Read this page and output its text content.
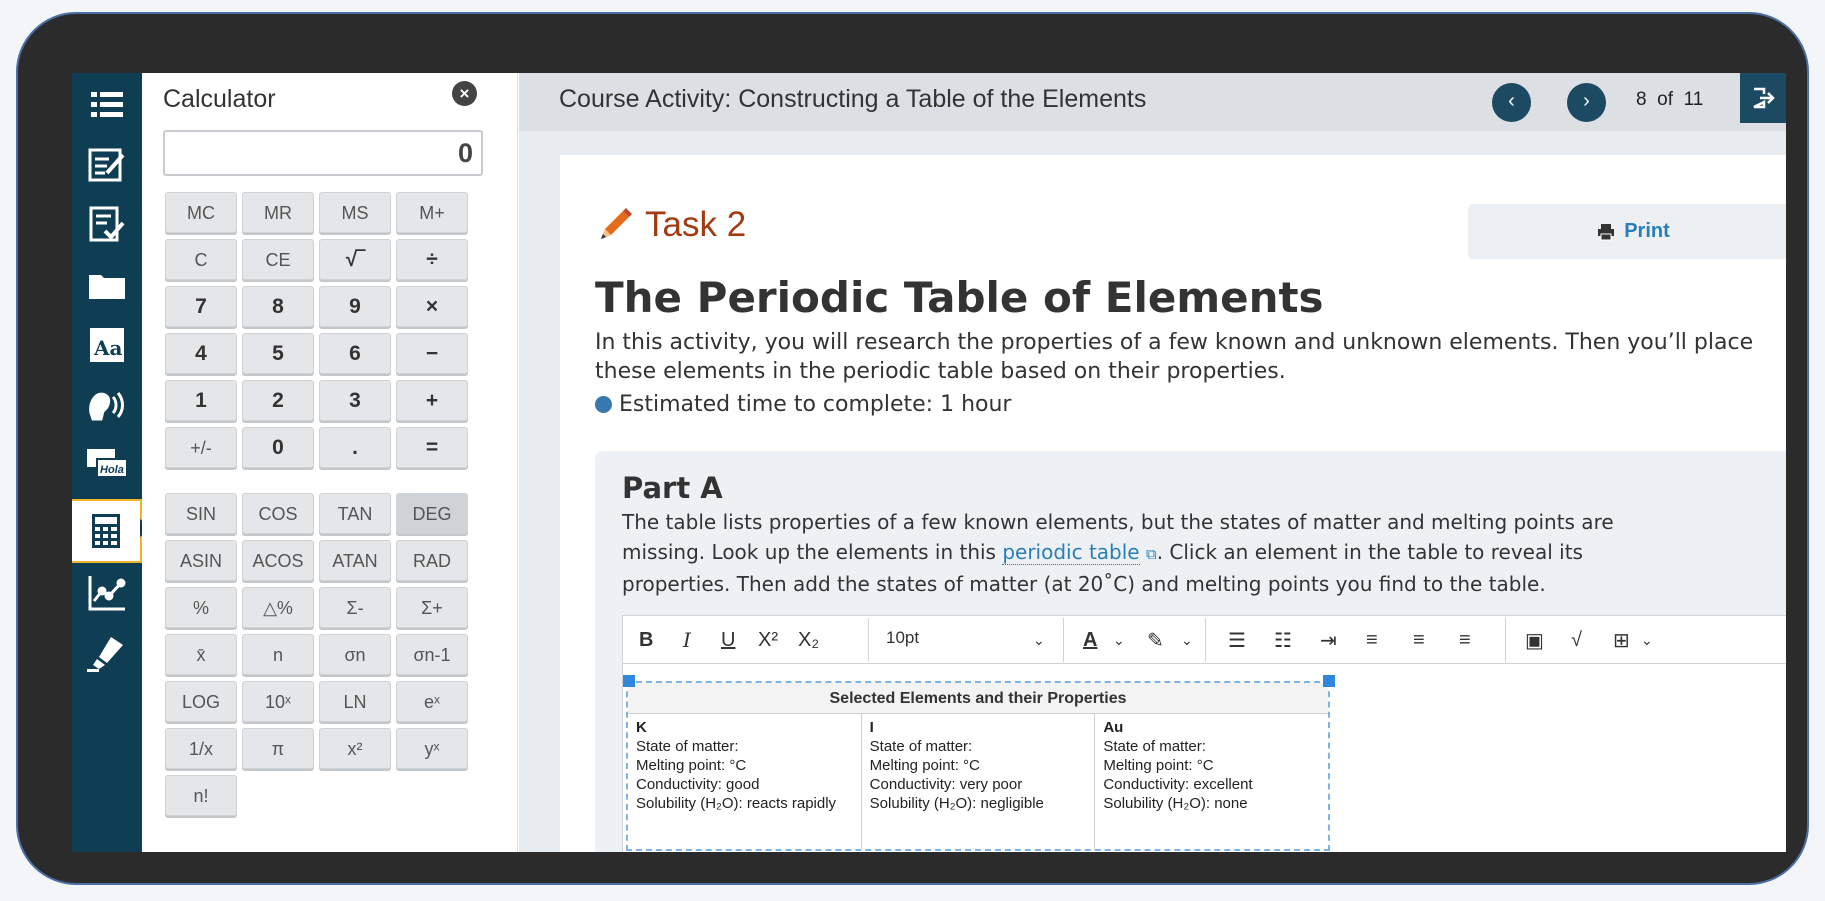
Aa
Hola
Calculator	×
0
MC	MR	MS	M+
C	CE	√‾	÷
7	8	9	×
4	5	6	−
1	2	3	+
+/-	0	.	=
SIN	COS	TAN	DEG
ASIN	ACOS	ATAN	RAD
%	△%	Σ-	Σ+
x̄	n	σn	σn-1
LOG	10ˣ	LN	eˣ
1/x	π	x²	yˣ
n!
Course Activity: Constructing a Table of the Elements	‹	›	8 of 11
Task 2	Print
The Periodic Table of Elements
In this activity, you will research the properties of a few known and unknown elements. Then you’ll place
these elements in the periodic table based on their properties.
Estimated time to complete: 1 hour
Part A
The table lists properties of a few known elements, but the states of matter and melting points are
missing. Look up the elements in this periodic table ⧉. Click an element in the table to reveal its
properties. Then add the states of matter (at 20˚C) and melting points you find to the table.
B I U X² X₂	10pt	⌄ A ⌄ ✎ ⌄ ☰ ☷ ⇥ ≡ ≡ ≡	▣ √ ⊞ ⌄
Selected Elements and their Properties
K
State of matter:
Melting point: °C
Conductivity: good
Solubility (H₂O): reacts rapidly
I
State of matter:
Melting point: °C
Conductivity: very poor
Solubility (H₂O): negligible
Au
State of matter:
Melting point: °C
Conductivity: excellent
Solubility (H₂O): none
